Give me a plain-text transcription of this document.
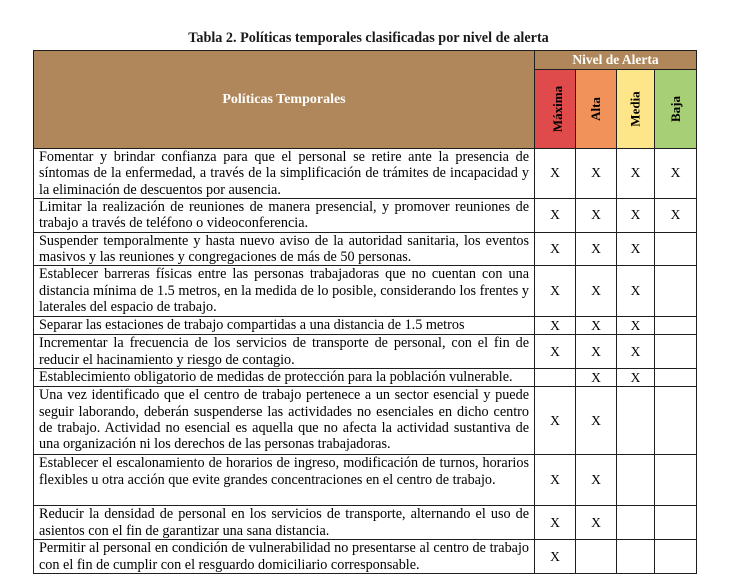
Tabla 2. Políticas temporales clasificadas por nivel de alerta
Políticas Temporales	Nivel de Alerta			
	Máxima	Alta	Media	Baja
Fomentar y brindar confianza para que el personal se retire ante la presencia de síntomas de la enfermedad, a través de la simplificación de trámites de incapacidad y la eliminación de descuentos por ausencia.	X	X	X	X
Limitar la realización de reuniones de manera presencial, y promover reuniones de trabajo a través de teléfono o videoconferencia.	X	X	X	X
Suspender temporalmente y hasta nuevo aviso de la autoridad sanitaria, los eventos masivos y las reuniones y congregaciones de más de 50 personas.	X	X	X	
Establecer barreras físicas entre las personas trabajadoras que no cuentan con una distancia mínima de 1.5 metros, en la medida de lo posible, considerando los frentes y laterales del espacio de trabajo.	X	X	X	
Separar las estaciones de trabajo compartidas a una distancia de 1.5 metros	X	X	X	
Incrementar la frecuencia de los servicios de transporte de personal, con el fin de reducir el hacinamiento y riesgo de contagio.	X	X	X	
Establecimiento obligatorio de medidas de protección para la población vulnerable.		X	X	
Una vez identificado que el centro de trabajo pertenece a un sector esencial y puede seguir laborando, deberán suspenderse las actividades no esenciales en dicho centro de trabajo. Actividad no esencial es aquella que no afecta la actividad sustantiva de una organización ni los derechos de las personas trabajadoras.	X	X		
Establecer el escalonamiento de horarios de ingreso, modificación de turnos, horarios flexibles u otra acción que evite grandes concentraciones en el centro de trabajo.	X	X		
Reducir la densidad de personal en los servicios de transporte, alternando el uso de asientos con el fin de garantizar una sana distancia.	X	X		
Permitir al personal en condición de vulnerabilidad no presentarse al centro de trabajo con el fin de cumplir con el resguardo domiciliario corresponsable.	X			
